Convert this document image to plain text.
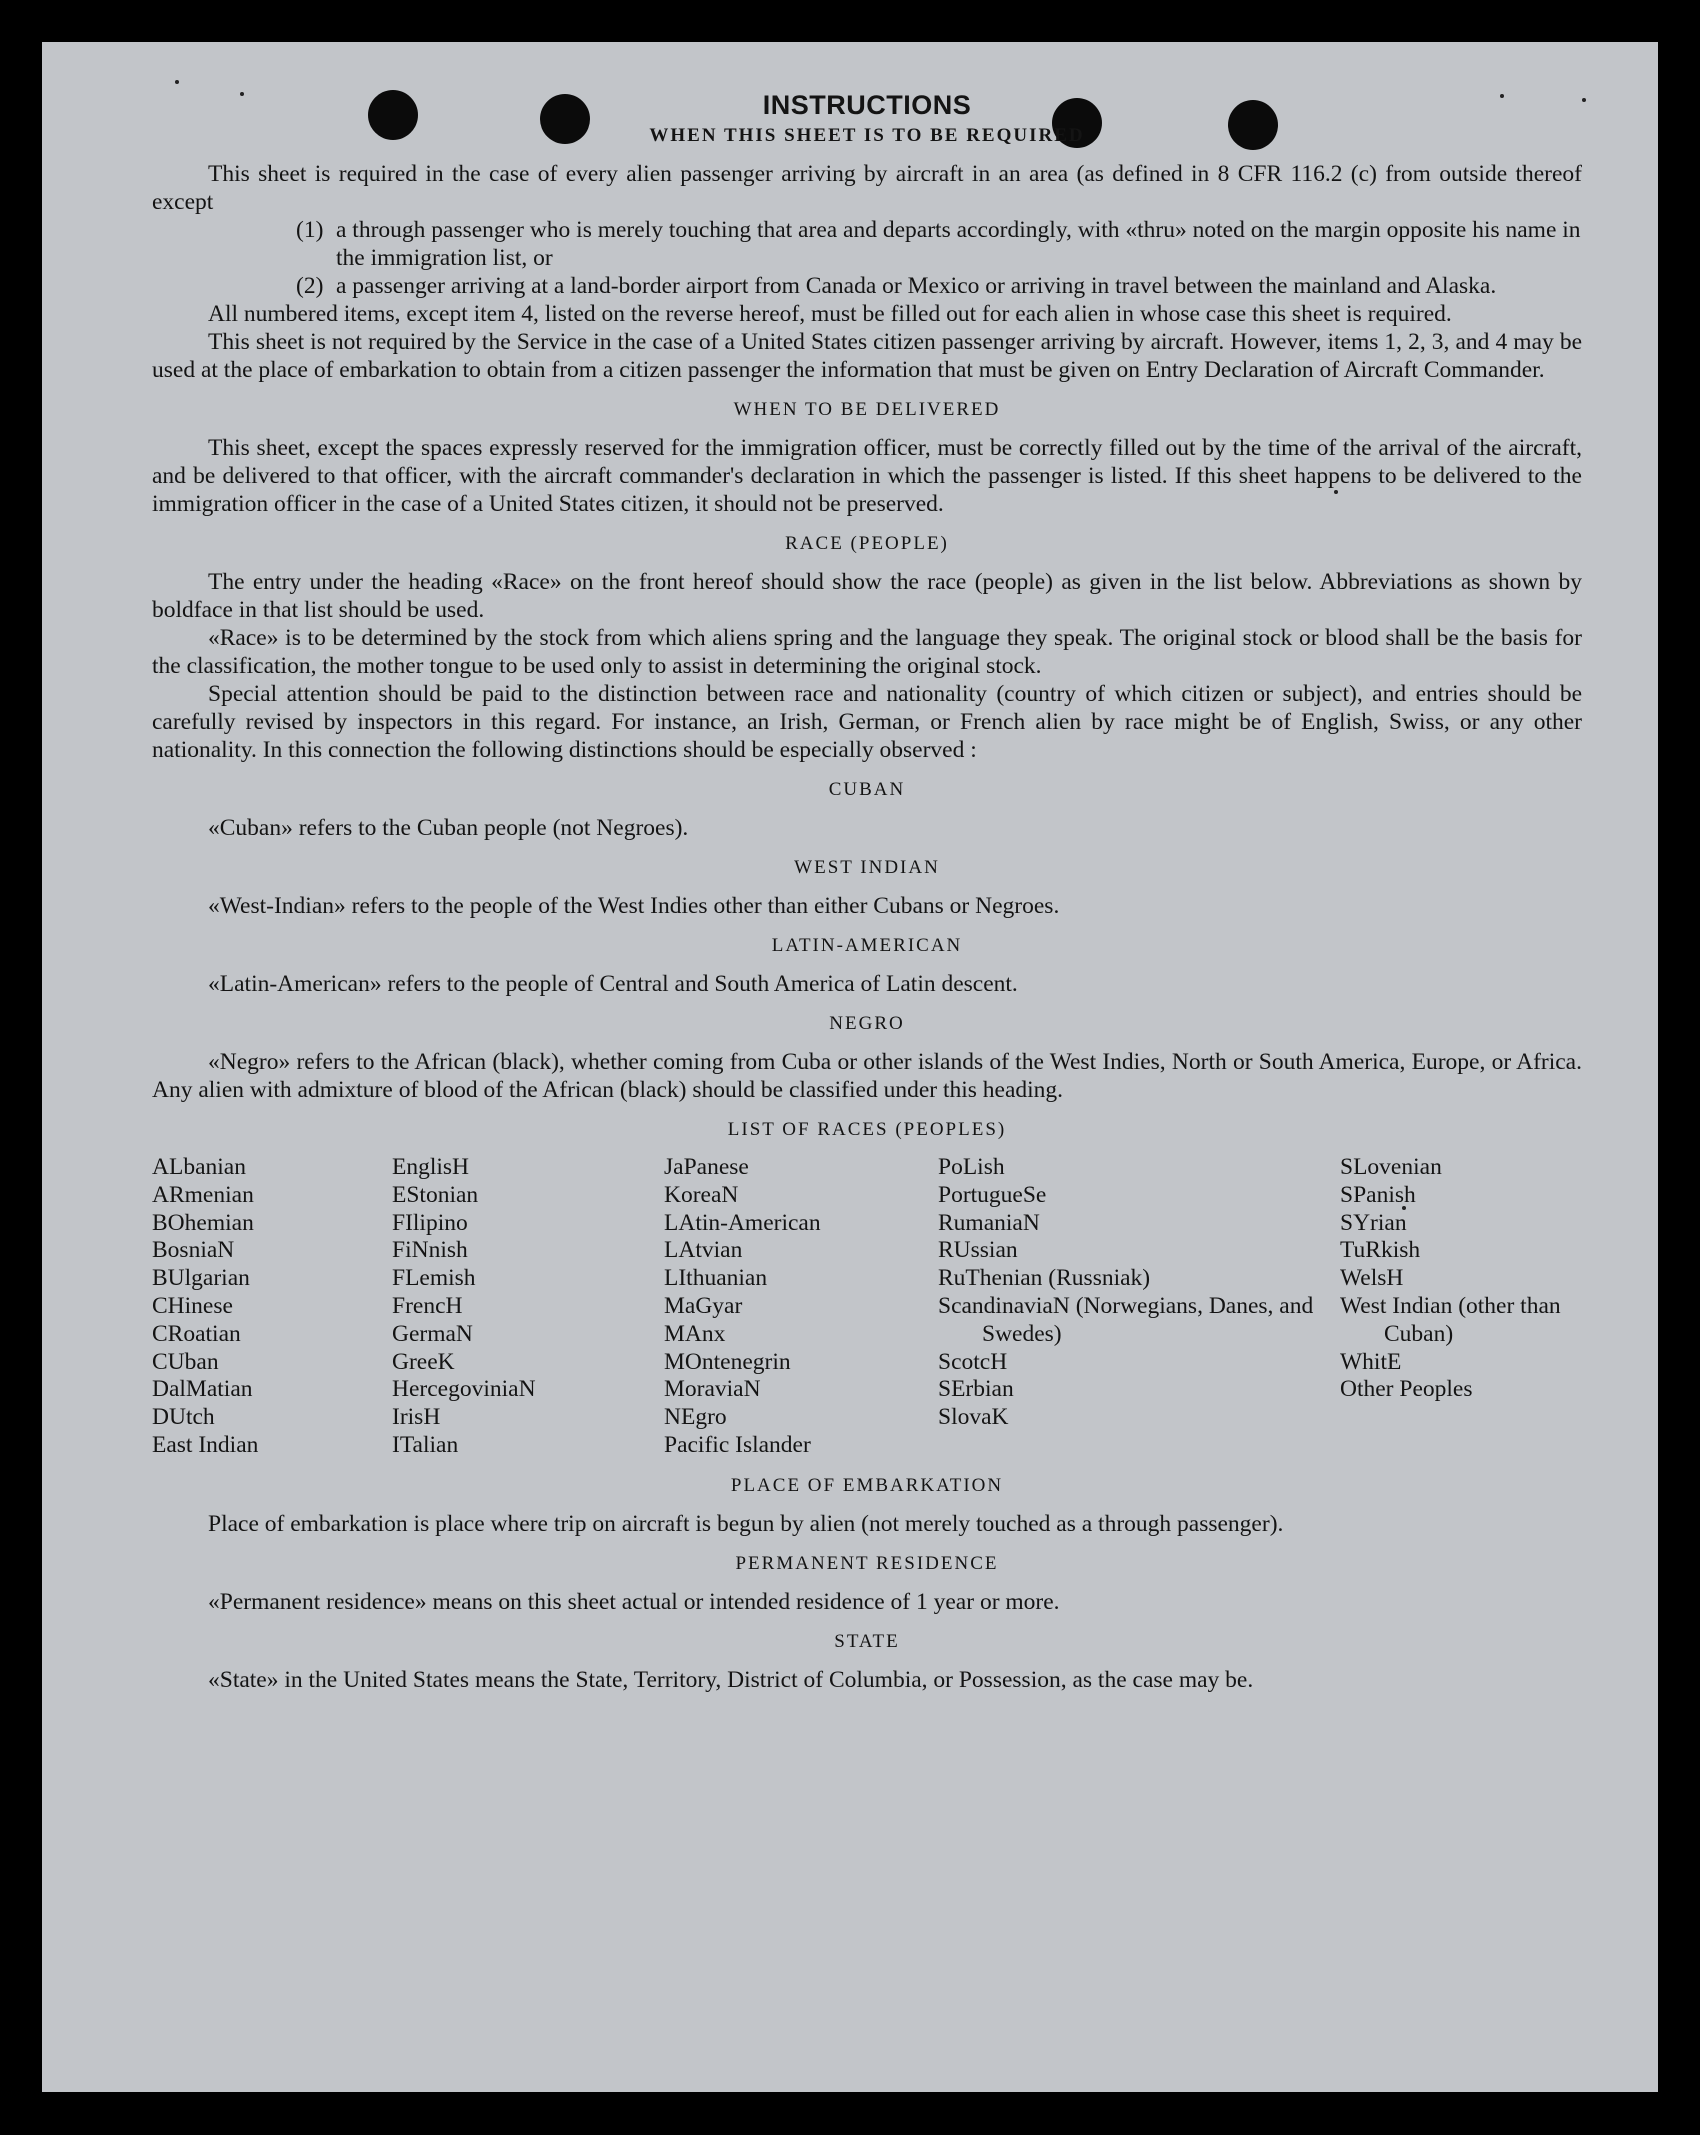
INSTRUCTIONS
WHEN THIS SHEET IS TO BE REQUIRED

This sheet is required in the case of every alien passenger arriving by aircraft in an area (as defined in 8 CFR 116.2 (c) from outside thereof except

(1) a through passenger who is merely touching that area and departs accordingly, with «thru» noted on the margin opposite his name in the immigration list, or
(2) a passenger arriving at a land-border airport from Canada or Mexico or arriving in travel between the mainland and Alaska.

All numbered items, except item 4, listed on the reverse hereof, must be filled out for each alien in whose case this sheet is required.

This sheet is not required by the Service in the case of a United States citizen passenger arriving by aircraft. However, items 1, 2, 3, and 4 may be used at the place of embarkation to obtain from a citizen passenger the information that must be given on Entry Declaration of Aircraft Commander.

WHEN TO BE DELIVERED

This sheet, except the spaces expressly reserved for the immigration officer, must be correctly filled out by the time of the arrival of the aircraft, and be delivered to that officer, with the aircraft commander's declaration in which the passenger is listed. If this sheet happens to be delivered to the immigration officer in the case of a United States citizen, it should not be preserved.

RACE (PEOPLE)

The entry under the heading «Race» on the front hereof should show the race (people) as given in the list below. Abbreviations as shown by boldface in that list should be used.

«Race» is to be determined by the stock from which aliens spring and the language they speak. The original stock or blood shall be the basis for the classification, the mother tongue to be used only to assist in determining the original stock.

Special attention should be paid to the distinction between race and nationality (country of which citizen or subject), and entries should be carefully revised by inspectors in this regard. For instance, an Irish, German, or French alien by race might be of English, Swiss, or any other nationality. In this connection the following distinctions should be especially observed :

CUBAN

«Cuban» refers to the Cuban people (not Negroes).

WEST INDIAN

«West-Indian» refers to the people of the West Indies other than either Cubans or Negroes.

LATIN-AMERICAN

«Latin-American» refers to the people of Central and South America of Latin descent.

NEGRO

«Negro» refers to the African (black), whether coming from Cuba or other islands of the West Indies, North or South America, Europe, or Africa. Any alien with admixture of blood of the African (black) should be classified under this heading.

LIST OF RACES (PEOPLES)
ALbanian
ARmenian
BOhemian
BosniaN
BUlgarian
CHinese
CRoatian
CUban
DalMatian
DUtch
East Indian
EnglisH
EStonian
FIlipino
FiNnish
FLemish
FrencH
GermaN
GreeK
HercegoviniaN
IrisH
ITalian
JaPanese
KoreaN
LAtin-American
LAtvian
LIthuanian
MaGyar
MAnx
MOntenegrin
MoraviaN
NEgro
Pacific Islander
PoLish
PortugueSe
RumaniaN
RUssian
RuThenian (Russniak)
ScandinaviaN (Norwegians, Danes, and Swedes)
ScotcH
SErbian
SlovaK
SLovenian
SPanish
SYrian
TuRkish
WelsH
West Indian (other than Cuban)
WhitE
Other Peoples
PLACE OF EMBARKATION

Place of embarkation is place where trip on aircraft is begun by alien (not merely touched as a through passenger).

PERMANENT RESIDENCE

«Permanent residence» means on this sheet actual or intended residence of 1 year or more.

STATE

«State» in the United States means the State, Territory, District of Columbia, or Possession, as the case may be.
